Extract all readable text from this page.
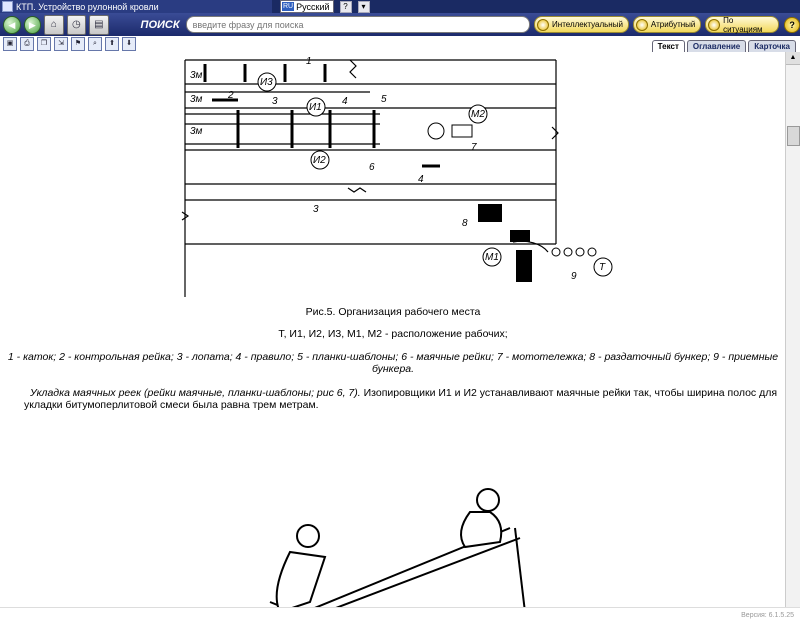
КТП. Устройство рулонной кровли	RU Русский	?	▾
◀	▶	⌂	◷	▤	ПОИСК
введите фразу для поиска	Интеллектуальный	Атрибутный	По ситуациям	?
▣	⎙	❐	⇲	⚑	⌕	⬆	⬇	Текст	Оглавление	Карточка
3м
3м
3м
И3
И1
И2
М2
М1
Т
1
2
3	4	5
6
7
4
3
8
9
Рис.5. Организация рабочего места
Т, И1, И2, И3, М1, М2 - расположение рабочих;
1 - каток; 2 - контрольная рейка; 3 - лопата; 4 - правило; 5 - планки-шаблоны; 6 - маячные рейки; 7 - мототележка; 8 - раздаточный бункер; 9 - приемные бункера.
Укладка маячных реек (рейки маячные, планки-шаблоны; рис 6, 7). Изопировщики И1 и И2 устанавливают маячные рейки так, чтобы ширина полос для укладки битумоперлитовой смеси была равна трем метрам.
▲
Версия: 6.1.5.25
